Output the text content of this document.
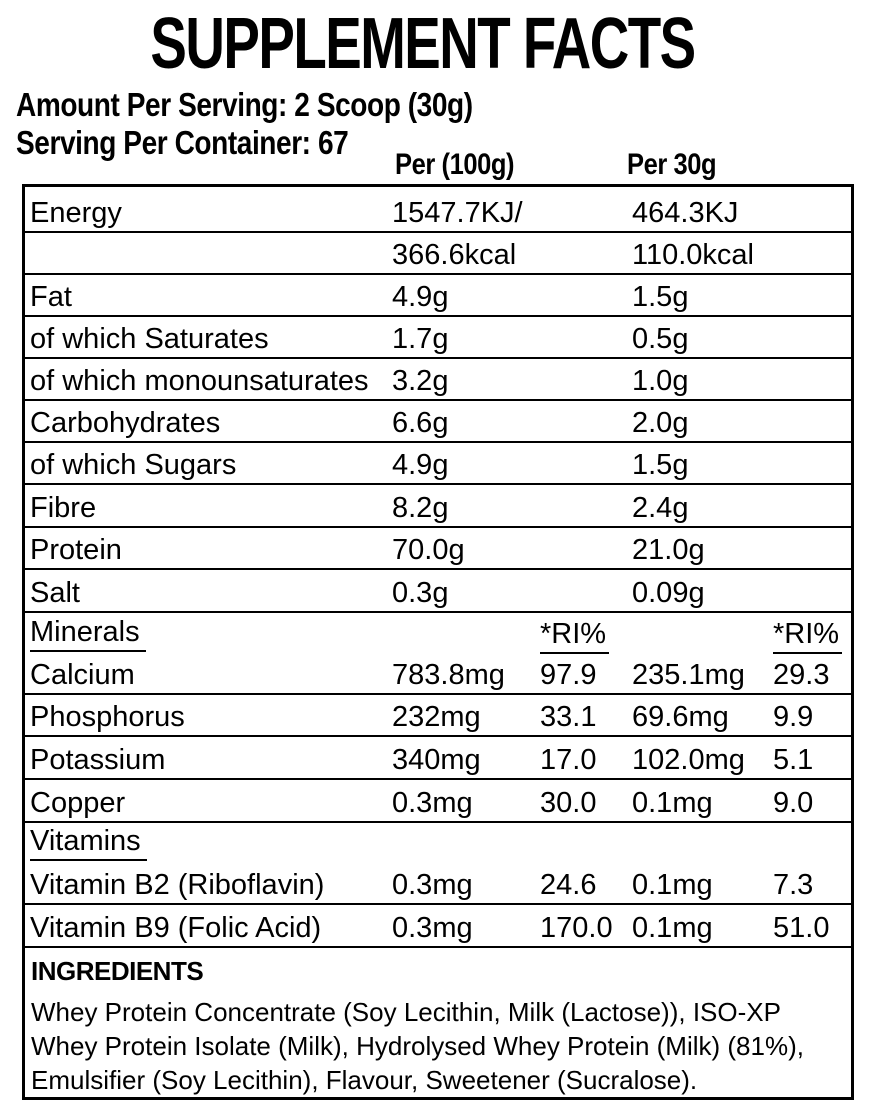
SUPPLEMENT FACTS
Amount Per Serving: 2 Scoop (30g)
Serving Per Container: 67
Per (100g)	Per 30g
Energy	1547.7KJ/	464.3KJ
366.6kcal	110.0kcal
Fat	4.9g	1.5g
of which Saturates	1.7g	0.5g
of which monounsaturates 3.2g	1.0g
Carbohydrates	6.6g	2.0g
of which Sugars	4.9g	1.5g
Fibre	8.2g	2.4g
Protein	70.0g	21.0g
Salt	0.3g	0.09g
Minerals	*RI%	*RI%
Calcium	783.8mg 97.9 235.1mg 29.3
Phosphorus	232mg 33.1 69.6mg 9.9
Potassium	340mg 17.0 102.0mg 5.1
Copper	0.3mg 30.0 0.1mg 9.0
Vitamins
Vitamin B2 (Riboflavin) 0.3mg 24.6 0.1mg 7.3
Vitamin B9 (Folic Acid) 0.3mg 170.0 0.1mg 51.0
INGREDIENTS
Whey Protein Concentrate (Soy Lecithin, Milk (Lactose)), ISO-XP Whey Protein Isolate (Milk), Hydrolysed Whey Protein (Milk) (81%), Emulsifier (Soy Lecithin), Flavour, Sweetener (Sucralose).
